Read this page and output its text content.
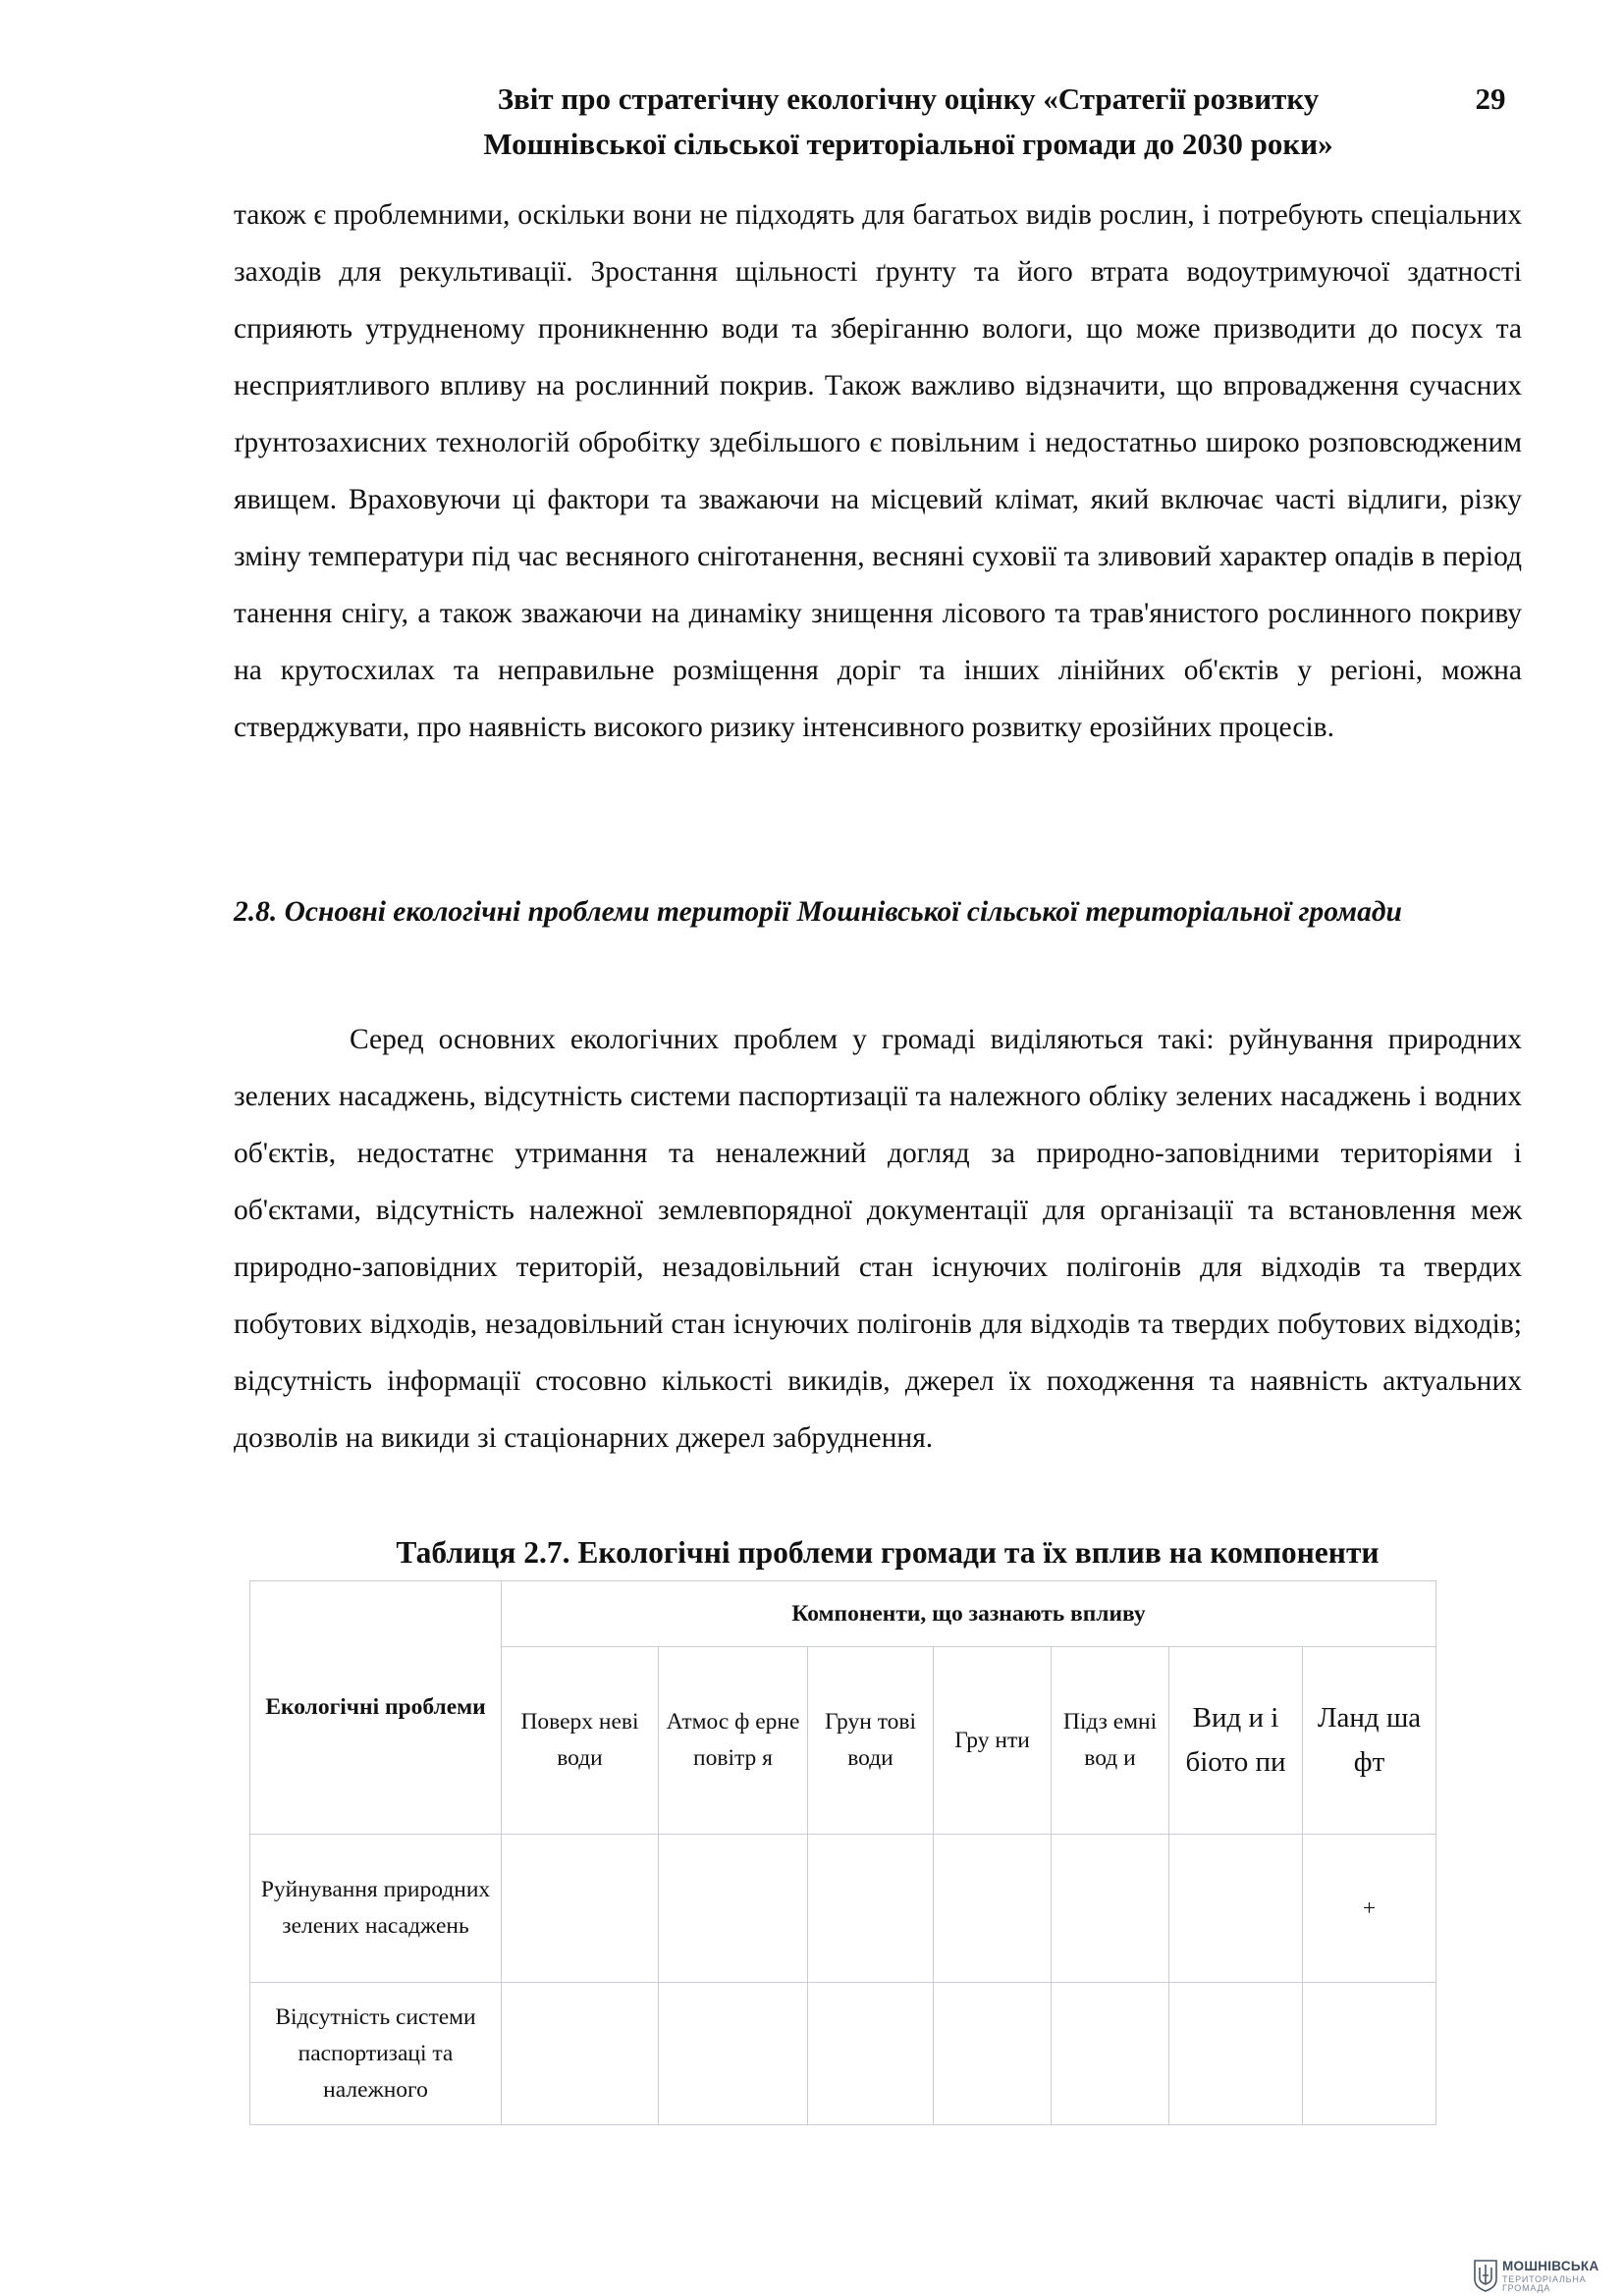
Звіт про стратегічну екологічну оцінку «Стратегії розвитку
Мошнівської сільської територіальної громади до 2030 роки»
29

також є проблемними, оскільки вони не підходять для багатьох видів рослин, і потребують спеціальних заходів для рекультивації. Зростання щільності ґрунту та його втрата водоутримуючої здатності сприяють утрудненому проникненню води та зберіганню вологи, що може призводити до посух та несприятливого впливу на рослинний покрив. Також важливо відзначити, що впровадження сучасних ґрунтозахисних технологій обробітку здебільшого є повільним і недостатньо широко розповсюдженим явищем. Враховуючи ці фактори та зважаючи на місцевий клімат, який включає часті відлиги, різку зміну температури під час весняного сніготанення, весняні суховії та зливовий характер опадів в період танення снігу, а також зважаючи на динаміку знищення лісового та трав'янистого рослинного покриву на крутосхилах та неправильне розміщення доріг та інших лінійних об'єктів у регіоні, можна стверджувати, про наявність високого ризику інтенсивного розвитку ерозійних процесів.

2.8. Основні екологічні проблеми території Мошнівської сільської територіальної громади

Серед основних екологічних проблем у громаді виділяються такі: руйнування природних зелених насаджень, відсутність системи паспортизації та належного обліку зелених насаджень і водних об'єктів, недостатнє утримання та неналежний догляд за природно-заповідними територіями і об'єктами, відсутність належної землевпорядної документації для організації та встановлення меж природно-заповідних територій, незадовільний стан існуючих полігонів для відходів та твердих побутових відходів, незадовільний стан існуючих полігонів для відходів та твердих побутових відходів; відсутність інформації стосовно кількості викидів, джерел їх походження та наявність актуальних дозволів на викиди зі стаціонарних джерел забруднення.

Таблиця 2.7. Екологічні проблеми громади та їх вплив на компоненти
Екологічні проблеми	Компоненти, що зазнають впливу						
	Поверх неві води	Атмос ф ерне повітр я	Грун тові води	Гру нти	Підз емні вод и	Вид и і біото пи	Ланд ша фт
Руйнування природних зелених насаджень							+
Відсутність системи паспортизаці та належного							
МОШНІВСЬКА
ТЕРИТОРІАЛЬНА
ГРОМАДА
